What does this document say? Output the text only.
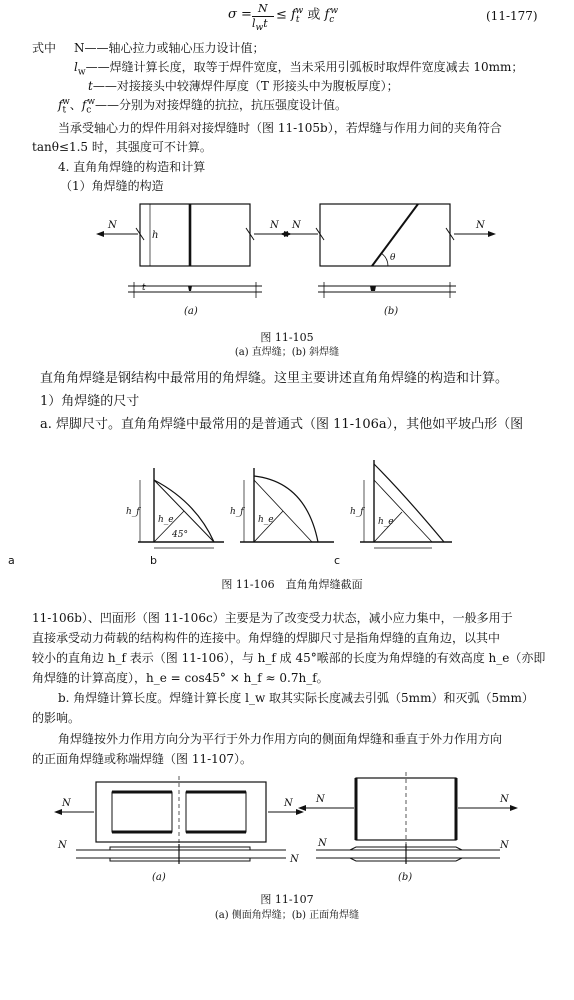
σ = N
$l_wt$
≤ $f_t^w$ 或 $f_c^w$	(11-177)
式中 N——轴心拉力或轴心压力设计值；
$l_w——$焊缝计算长度，取等于焊件宽度，当未采用引弧板时取焊件宽度减去 10mm；
t——对接接头中较薄焊件厚度（T 形接头中为腹板厚度）；
$f_t^w$、$f_c^w——$分别为对接焊缝的抗拉，抗压强度设计值。
当承受轴心力的焊件用斜对接焊缝时（图 11-105b），若焊缝与作用力间的夹角符合
tanθ≤1.5 时，其强度可不计算。
4. 直角角焊缝的构造和计算
（1）角焊缝的构造
h
N	N
t
(a)
θ
N	N
(b)
图 11-105
(a) 直焊缝；(b) 斜焊缝
直角角焊缝是钢结构中最常用的角焊缝。这里主要讲述直角角焊缝的构造和计算。
1）角焊缝的尺寸
a. 焊脚尺寸。直角角焊缝中最常用的是普通式（图 11-106a），其他如平坡凸形（图
h_f
h_e
45°
h_f
h_e
h_f
h_e
a	b	c
图 11-106　直角角焊缝截面
11-106b）、凹面形（图 11-106c）主要是为了改变受力状态，减小应力集中，一般多用于
直接承受动力荷载的结构构件的连接中。角焊缝的焊脚尺寸是指角焊缝的直角边，以其中
较小的直角边 h_f 表示（图 11-106），与 h_f 成 45°喉部的长度为角焊缝的有效高度 h_e（亦即
角焊缝的计算高度），h_e = cos45° × h_f ≈ 0.7h_f。
b. 角焊缝计算长度。焊缝计算长度 l_w 取其实际长度减去引弧（5mm）和灭弧（5mm）
的影响。
角焊缝按外力作用方向分为平行于外力作用方向的侧面角焊缝和垂直于外力作用方向
的正面角焊缝或称端焊缝（图 11-107）。
N	N
N
N
(a)
N	N
N	N
(b)
图 11-107
(a) 侧面角焊缝；(b) 正面角焊缝
